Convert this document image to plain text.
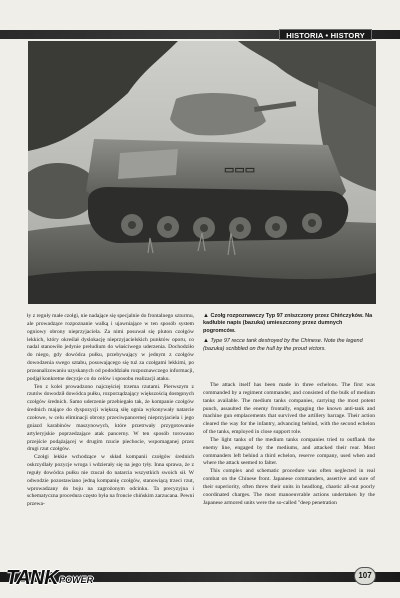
HISTORIA • HISTORY
▭▭▭

ły z reguły małe czołgi, nie nadające się specjalnie do frontalnego szturmu, ale prowadzące rozpoznanie walką i ujawniające w ten sposób system ogniowy obrony nieprzyjaciela. Za nimi posuwał się pluton czołgów lekkich, który określał dyslokację nieprzyjacielskich punktów oporu, co nadal stanowiło jedynie preludium do właściwego uderzenia. Dochodziło do niego, gdy dowódca pułku, przebywający w jednym z czołgów dowodzenia swego sztabu, posuwającego się tuż za czołgami lekkimi, po przeanalizowaniu uzyskanych od pododdziału rozpoznawczego informacji, podjął konkretne decyzje co do celów i sposobu realizacji ataku.

Ten z kolei prowadzono najczęściej trzema rzutami. Pierwszym z rzutów dowodził dowódca pułku, rozporządzający większością dostępnych czołgów średnich. Samo uderzenie przebiegało tak, że kompanie czołgów średnich mające do dyspozycji większą siłę ognia wykonywały natarcie czołowe, w celu eliminacji obrony przeciwpancernej nieprzyjaciela i jego gniazd karabinów maszynowych, które przetrwały przygotowanie artyleryjskie poprzedzające atak pancerny. W ten sposób torowano przejście podążającej w drugim rzucie piechocie, wspomaganej przez drugi rzut czołgów.

Czołgi lekkie wchodzące w skład kompanii czołgów średnich oskrzydlały pozycje wroga i wdzierały się na jego tyły. Inna sprawa, że z reguły dowódca pułku nie rzucał do natarcia wszystkich swoich sił. W odwodzie pozostawiano jedną kompanię czołgów, stanowiącą trzeci rzut, wprowadzany do boju na zagrożonym odcinku. Ta precyzyjna i schematyczna procedura często była na froncie chińskim zarzucana. Pewni przewa-

▲ Czołg rozpoznawczy Typ 97 zniszczony przez Chińczyków. Na kadłubie napis (bazuka) umieszczony przez dumnych pogromców.
▲ Type 97 recce tank destroyed by the Chinese. Note the legend (bazuka) scribbled on the hull by the proud victors.

The attack itself has been made in three echelons. The first was commanded by a regiment commander, and consisted of the bulk of medium tanks available. The medium tanks companies, carrying the most potent punch, assaulted the enemy frontally, engaging the known anti-tank and machine gun emplacements that survived the artillery barrage. Their action cleared the way for the infantry, advancing behind, with the second echelon of the tanks, employed in close support role.

The light tanks of the medium tanks companies tried to outflank the enemy line, engaged by the mediums, and attacked their rear. Most commanders left behind a third echelon, reserve company, used when and where the attack seemed to falter.

This complex and schematic procedure was often neglected in real combat on the Chinese front. Japanese commanders, assertive and sure of their superiority, often threw their units in headlong, chaotic all-out poorly coordinated charges. The most manoeuvrable actions undertaken by the Japanese armored units were the so-called "deep penetration

TANK POWER	107
